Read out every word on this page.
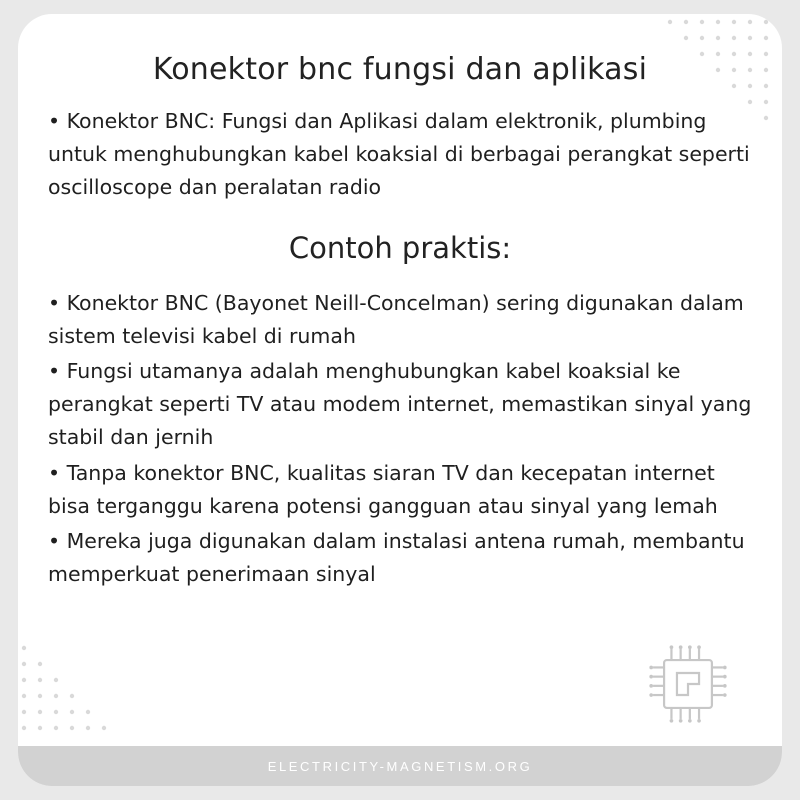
Konektor bnc fungsi dan aplikasi

• Konektor BNC: Fungsi dan Aplikasi dalam elektronik, plumbing untuk menghubungkan kabel koaksial di berbagai perangkat seperti oscilloscope dan peralatan radio

Contoh praktis:
• Konektor BNC (Bayonet Neill-Concelman) sering digunakan dalam sistem televisi kabel di rumah
• Fungsi utamanya adalah menghubungkan kabel koaksial ke perangkat seperti TV atau modem internet, memastikan sinyal yang stabil dan jernih
• Tanpa konektor BNC, kualitas siaran TV dan kecepatan internet bisa terganggu karena potensi gangguan atau sinyal yang lemah
• Mereka juga digunakan dalam instalasi antena rumah, membantu memperkuat penerimaan sinyal
ELECTRICITY-MAGNETISM.ORG
